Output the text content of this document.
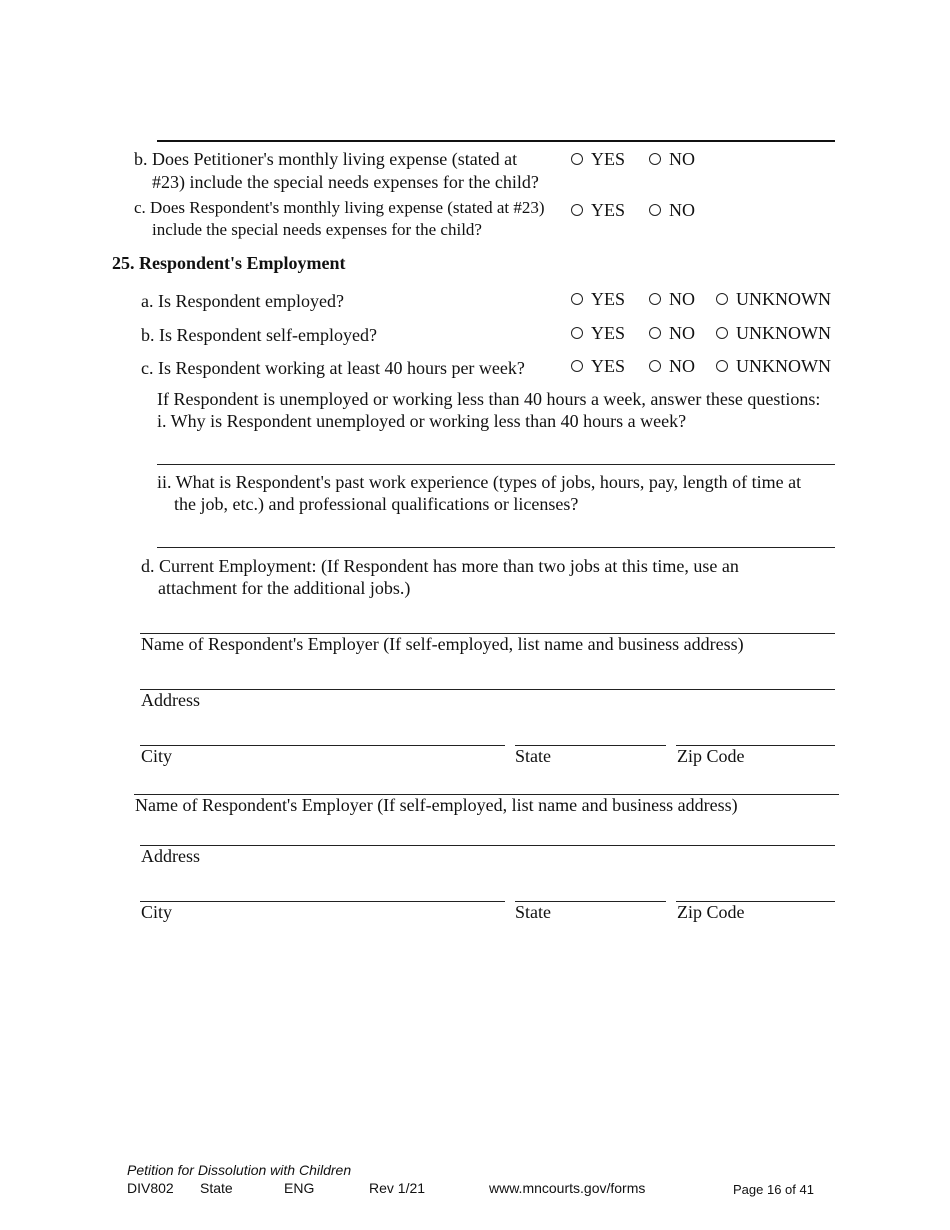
b. Does Petitioner's monthly living expense (stated at
#23) include the special needs expenses for the child?
YES NO
c. Does Respondent's monthly living expense (stated at #23)
include the special needs expenses for the child?
YES NO
25. Respondent's Employment
a. Is Respondent employed?	YES NO UNKNOWN
b. Is Respondent self-employed?	YES NO UNKNOWN
c. Is Respondent working at least 40 hours per week?	YES NO UNKNOWN
If Respondent is unemployed or working less than 40 hours a week, answer these questions:
i. Why is Respondent unemployed or working less than 40 hours a week?
ii. What is Respondent's past work experience (types of jobs, hours, pay, length of time at
the job, etc.) and professional qualifications or licenses?
d. Current Employment: (If Respondent has more than two jobs at this time, use an
attachment for the additional jobs.)
Name of Respondent's Employer (If self-employed, list name and business address)
Address
City	State	Zip Code
Name of Respondent's Employer (If self-employed, list name and business address)
Address
City	State	Zip Code
Petition for Dissolution with Children
DIV802 State	ENG	Rev 1/21	www.mncourts.gov/forms	Page 16 of 41
